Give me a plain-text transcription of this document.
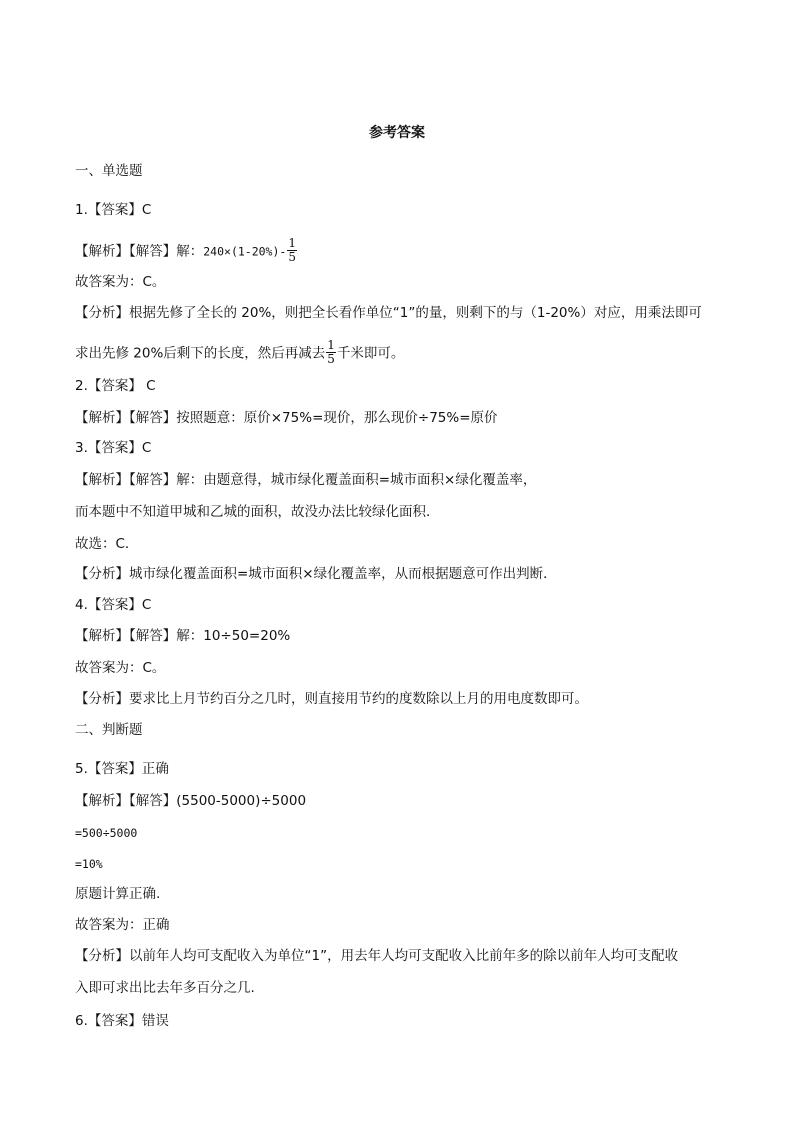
参考答案
一、单选题
1.【答案】C
【解析】【解答】解：$240\times(1-20\%)- \frac{1}{5}$
故答案为：C。
【分析】根据先修了全长的 20%，则把全长看作单位“1”的量，则剩下的与（1-20%）对应，用乘法即可
求出先修 20%后剩下的长度，然后再减去 $\frac{1}{5}$ 千米即可。
2.【答案】 C
【解析】【解答】按照题意：原价×75%=现价，那么现价÷75%=原价
3.【答案】C
【解析】【解答】解：由题意得，城市绿化覆盖面积=城市面积×绿化覆盖率，
而本题中不知道甲城和乙城的面积，故没办法比较绿化面积．
故选：C．
【分析】城市绿化覆盖面积=城市面积×绿化覆盖率，从而根据题意可作出判断．
4.【答案】C
【解析】【解答】解：10÷50=20%
故答案为：C。
【分析】要求比上月节约百分之几时，则直接用节约的度数除以上月的用电度数即可。
二、判断题
5.【答案】正确
【解析】【解答】(5500-5000)÷5000
=500÷5000
=10%
原题计算正确.
故答案为：正确
【分析】以前年人均可支配收入为单位“1”，用去年人均可支配收入比前年多的除以前年人均可支配收
入即可求出比去年多百分之几.
6.【答案】错误
